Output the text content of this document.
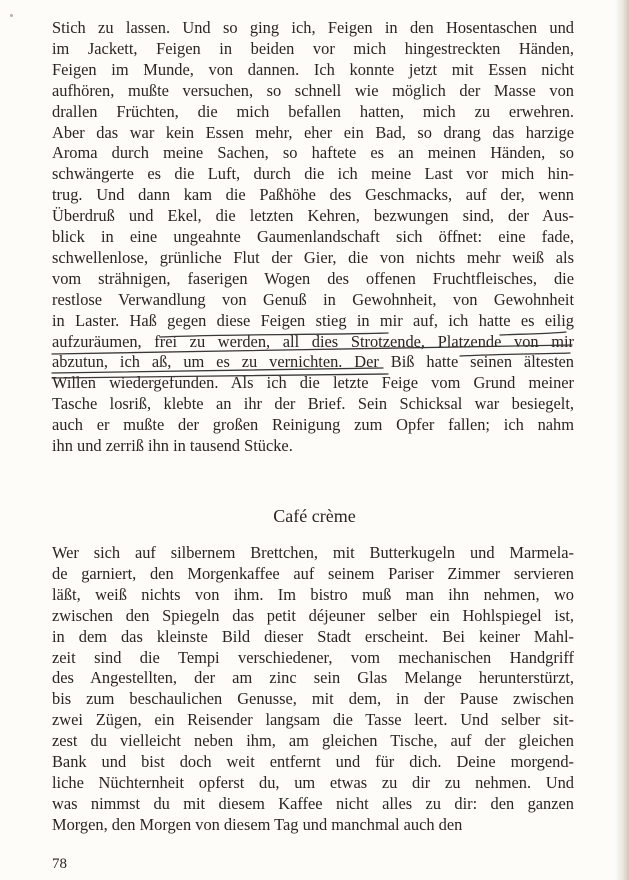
Stich zu lassen. Und so ging ich, Feigen in den Hosentaschen und
im Jackett, Feigen in beiden vor mich hingestreckten Händen,
Feigen im Munde, von dannen. Ich konnte jetzt mit Essen nicht
aufhören, mußte versuchen, so schnell wie möglich der Masse von
drallen Früchten, die mich befallen hatten, mich zu erwehren.
Aber das war kein Essen mehr, eher ein Bad, so drang das harzige
Aroma durch meine Sachen, so haftete es an meinen Händen, so
schwängerte es die Luft, durch die ich meine Last vor mich hin-
trug. Und dann kam die Paßhöhe des Geschmacks, auf der, wenn
Überdruß und Ekel, die letzten Kehren, bezwungen sind, der Aus-
blick in eine ungeahnte Gaumenlandschaft sich öffnet: eine fade,
schwellenlose, grünliche Flut der Gier, die von nichts mehr weiß als
vom strähnigen, faserigen Wogen des offenen Fruchtfleisches, die
restlose Verwandlung von Genuß in Gewohnheit, von Gewohnheit
in Laster. Haß gegen diese Feigen stieg in mir auf, ich hatte es eilig
aufzuräumen, frei zu werden, all dies Strotzende, Platzende von mir
abzutun, ich aß, um es zu vernichten. Der Biß hatte seinen ältesten
Willen wiedergefunden. Als ich die letzte Feige vom Grund meiner
Tasche losriß, klebte an ihr der Brief. Sein Schicksal war besiegelt,
auch er mußte der großen Reinigung zum Opfer fallen; ich nahm
ihn und zerriß ihn in tausend Stücke.
Café crème
Wer sich auf silbernem Brettchen, mit Butterkugeln und Marmela-
de garniert, den Morgenkaffee auf seinem Pariser Zimmer servieren
läßt, weiß nichts von ihm. Im bistro muß man ihn nehmen, wo
zwischen den Spiegeln das petit déjeuner selber ein Hohlspiegel ist,
in dem das kleinste Bild dieser Stadt erscheint. Bei keiner Mahl-
zeit sind die Tempi verschiedener, vom mechanischen Handgriff
des Angestellten, der am zinc sein Glas Melange herunterstürzt,
bis zum beschaulichen Genusse, mit dem, in der Pause zwischen
zwei Zügen, ein Reisender langsam die Tasse leert. Und selber sit-
zest du vielleicht neben ihm, am gleichen Tische, auf der gleichen
Bank und bist doch weit entfernt und für dich. Deine morgend-
liche Nüchternheit opferst du, um etwas zu dir zu nehmen. Und
was nimmst du mit diesem Kaffee nicht alles zu dir: den ganzen
Morgen, den Morgen von diesem Tag und manchmal auch den
78
